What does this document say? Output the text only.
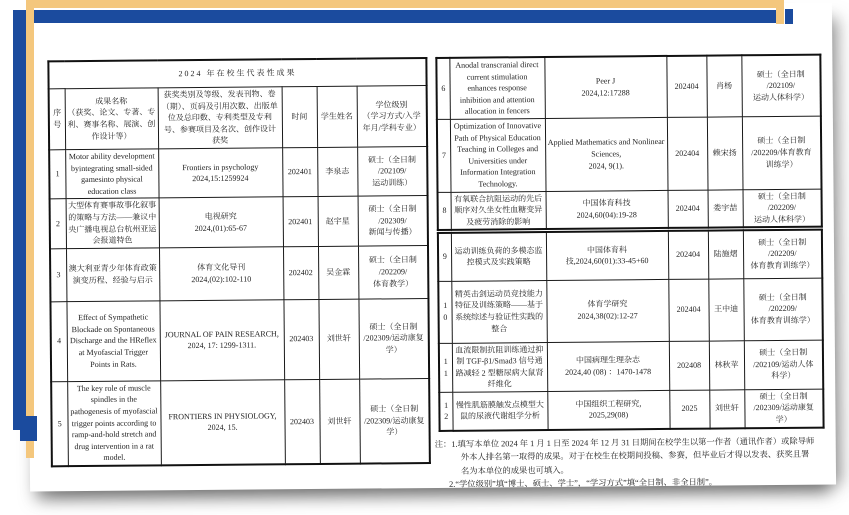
2024 年在校生代表性成果					
序号	成果名称
（获奖、论文、专著、专利、赛事名称、展演、创作设计等）	获奖类别及等级、发表刊物、卷（期）、页码及引用次数、出版单位及总印数、专利类型及专利号、参赛项目及名次、创作设计获奖	时间	学生姓名	学位级别
（学习方式/入学年月/学科专业）
1	Motor ability development byintegrating small-sided gamesinto physical education class	Frontiers in psychology
2024,15:1259924	202401	李泉志	硕士（全日制
/202109/
运动训练）
2	大型体育赛事故事化叙事的策略与方法——兼议中央广播电视总台杭州亚运会报道特色	电视研究
2024,(01):65-67	202401	赵宇星	硕士（全日制
/202309/
新闻与传播）
3	澳大利亚青少年体育政策演变历程、经验与启示	体育文化导刊
2024,(02):102-110	202402	吴金霖	硕士（全日制
/202209/
体育教学）
4	Effect of Sympathetic Blockade on Spontaneous Discharge and the HReflex at Myofascial Trigger Points in Rats.	JOURNAL OF PAIN RESEARCH,
2024, 17: 1299-1311.	202403	刘世轩	硕士（全日制
/202309/运动康复
学）
5	The key role of muscle spindles in the pathogenesis of myofascial trigger points according to ramp-and-hold stretch and drug intervention in a rat model.	FRONTIERS IN PHYSIOLOGY,
2024, 15.	202403	刘世轩	硕士（全日制
/202309/运动康复
学）
6	Anodal transcranial direct current stimulation enhances response inhibition and attention allocation in fencers	Peer J
2024,12:17288	202404	肖杨	硕士（全日制
/202109/
运动人体科学）
7	Optimization of Innovative Path of Physical Education Teaching in Colleges and Universities under Information Integration Technology.	Applied Mathematics and Nonlinear
Sciences,
2024, 9(1).	202404	赖宋扬	硕士（全日制
/202209/体育教育
训练学）
8	有氧联合抗阻运动的先后顺序对久坐女性血糖变异及疲劳消除的影响	中国体育科技
2024,60(04):19-28	202404	娄宇喆	硕士（全日制
/202209/
运动人体科学）
9	运动训练负荷的多模态监控模式及实践策略	中国体育科
技,2024,60(01):33-45+60	202404	陆施熠	硕士（全日制
/202209/
体育教育训练学）
10	精英击剑运动员竞技能力特征及训练策略——基于系统综述与验证性实践的整合	体育学研究
2024,38(02):12-27	202404	王中迪	硕士（全日制
/202209/
体育教育训练学）
11	血流限制抗阻训练通过抑制 TGF-β1/Smad3 信号通路减轻 2 型糖尿病大鼠肾纤维化	中国病理生理杂志
2024,40 (08) ：1470-1478	202408	林秋苹	硕士（全日制
/202109/运动人体
科学）
12	慢性肌筋膜触发点模型大鼠的尿液代谢组学分析	中国组织工程研究,
2025,29(08)	2025	刘世轩	硕士（全日制
/202309/运动康复
学）

注：1.填写本单位 2024 年 1 月 1 日至 2024 年 12 月 31 日期间在校学生以第一作者（通讯作者）或除导师外本人排名第一取得的成果。对于在校生在校期间投稿、参赛，但毕业后才得以发表、获奖且署名为本单位的成果也可填入。

2.“学位级别”填“博士、硕士、学士”，“学习方式”填“全日制、非全日制”。
